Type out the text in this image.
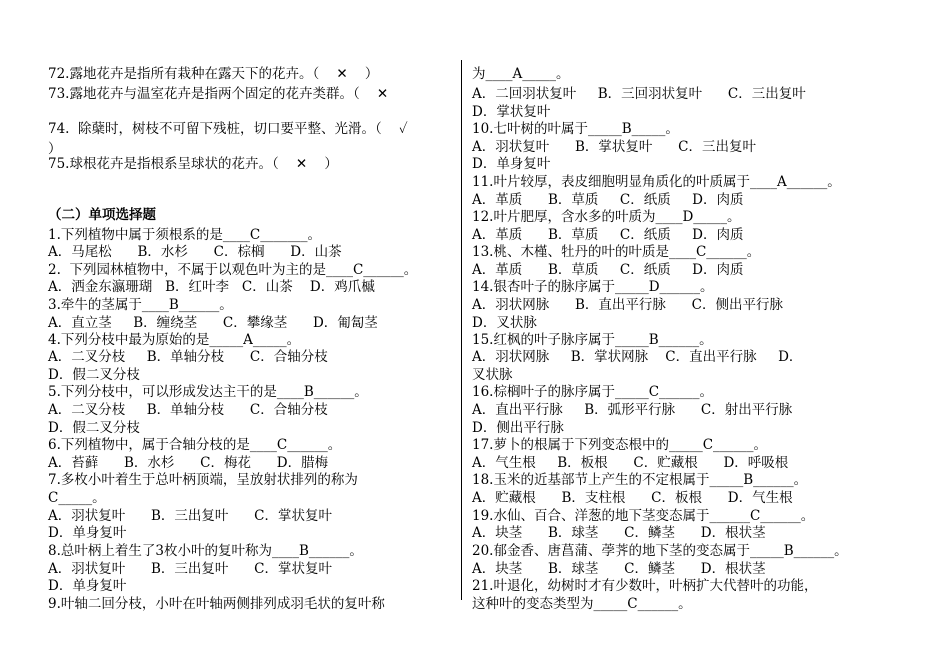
72.露地花卉是指所有栽种在露天下的花卉。（    ✕    ）
73.露地花卉与温室花卉是指两个固定的花卉类群。（    ✕
74.  除蘖时，树枝不可留下残桩，切口要平整、光滑。（    ✓
）
75.球根花卉是指根系呈球状的花卉。（    ✕    ）
（二）单项选择题
1.下列植物中属于须根系的是____C_______。
A．马尾松      B．水杉      C．棕榈      D．山茶
2.  下列园林植物中，不属于以观色叶为主的是____C______。
A．洒金东瀛珊瑚   B．红叶李   C．山茶    D．鸡爪槭
3.牵牛的茎属于____B______。
A．直立茎     B．缠绕茎      C．攀缘茎      D．匍匐茎
4.下列分枝中最为原始的是_____A_____。
A．二叉分枝     B．单轴分枝      C．合轴分枝
D．假二叉分枝
5.下列分枝中，可以形成发达主干的是____B______。
A．二叉分枝     B．单轴分枝      C．合轴分枝
D．假二叉分枝
6.下列植物中，属于合轴分枝的是____C______。
A．苔藓      B．水杉      C．梅花      D．腊梅
7.多枚小叶着生于总叶柄顶端，呈放射状排列的称为
C_____。
A．羽状复叶      B．三出复叶      C．掌状复叶
D．单身复叶
8.总叶柄上着生了3枚小叶的复叶称为____B______。
A．羽状复叶      B．三出复叶      C．掌状复叶
D．单身复叶
9.叶轴二回分枝，小叶在叶轴两侧排列成羽毛状的复叶称
为____A_____。
A．二回羽状复叶     B．三回羽状复叶      C．三出复叶
D．掌状复叶
10.七叶树的叶属于_____B_____。
A．羽状复叶      B．掌状复叶      C．三出复叶
D．单身复叶
11.叶片较厚，表皮细胞明显角质化的叶质属于____A______。
A．革质      B．草质     C．纸质     D．肉质
12.叶片肥厚，含水多的叶质为____D_____。
A．革质      B．草质     C．纸质     D．肉质
13.桃、木槿、牡丹的叶的叶质是____C______。
A．革质      B．草质     C．纸质     D．肉质
14.银杏叶子的脉序属于_____D______。
A．羽状网脉      B．直出平行脉      C．侧出平行脉
D．叉状脉
15.红枫的叶子脉序属于_____B______。
A．羽状网脉     B．掌状网脉    C．直出平行脉     D．
叉状脉
16.棕榈叶子的脉序属于_____C______。
A．直出平行脉     B．弧形平行脉      C．射出平行脉
D．侧出平行脉
17.萝卜的根属于下列变态根中的_____C______。
A．气生根     B．板根      C．贮藏根      D．呼吸根
18.玉米的近基部节上产生的不定根属于_____B______。
A．贮藏根      B．支柱根      C．板根      D．气生根
19.水仙、百合、洋葱的地下茎变态属于______C______。
A．块茎      B．球茎      C．鳞茎      D．根状茎
20.郁金香、唐菖蒲、荸荠的地下茎的变态属于_____B______。
A．块茎      B．球茎      C．鳞茎      D．根状茎
21.叶退化，幼树时才有少数叶，叶柄扩大代替叶的功能，
这种叶的变态类型为_____C______。
